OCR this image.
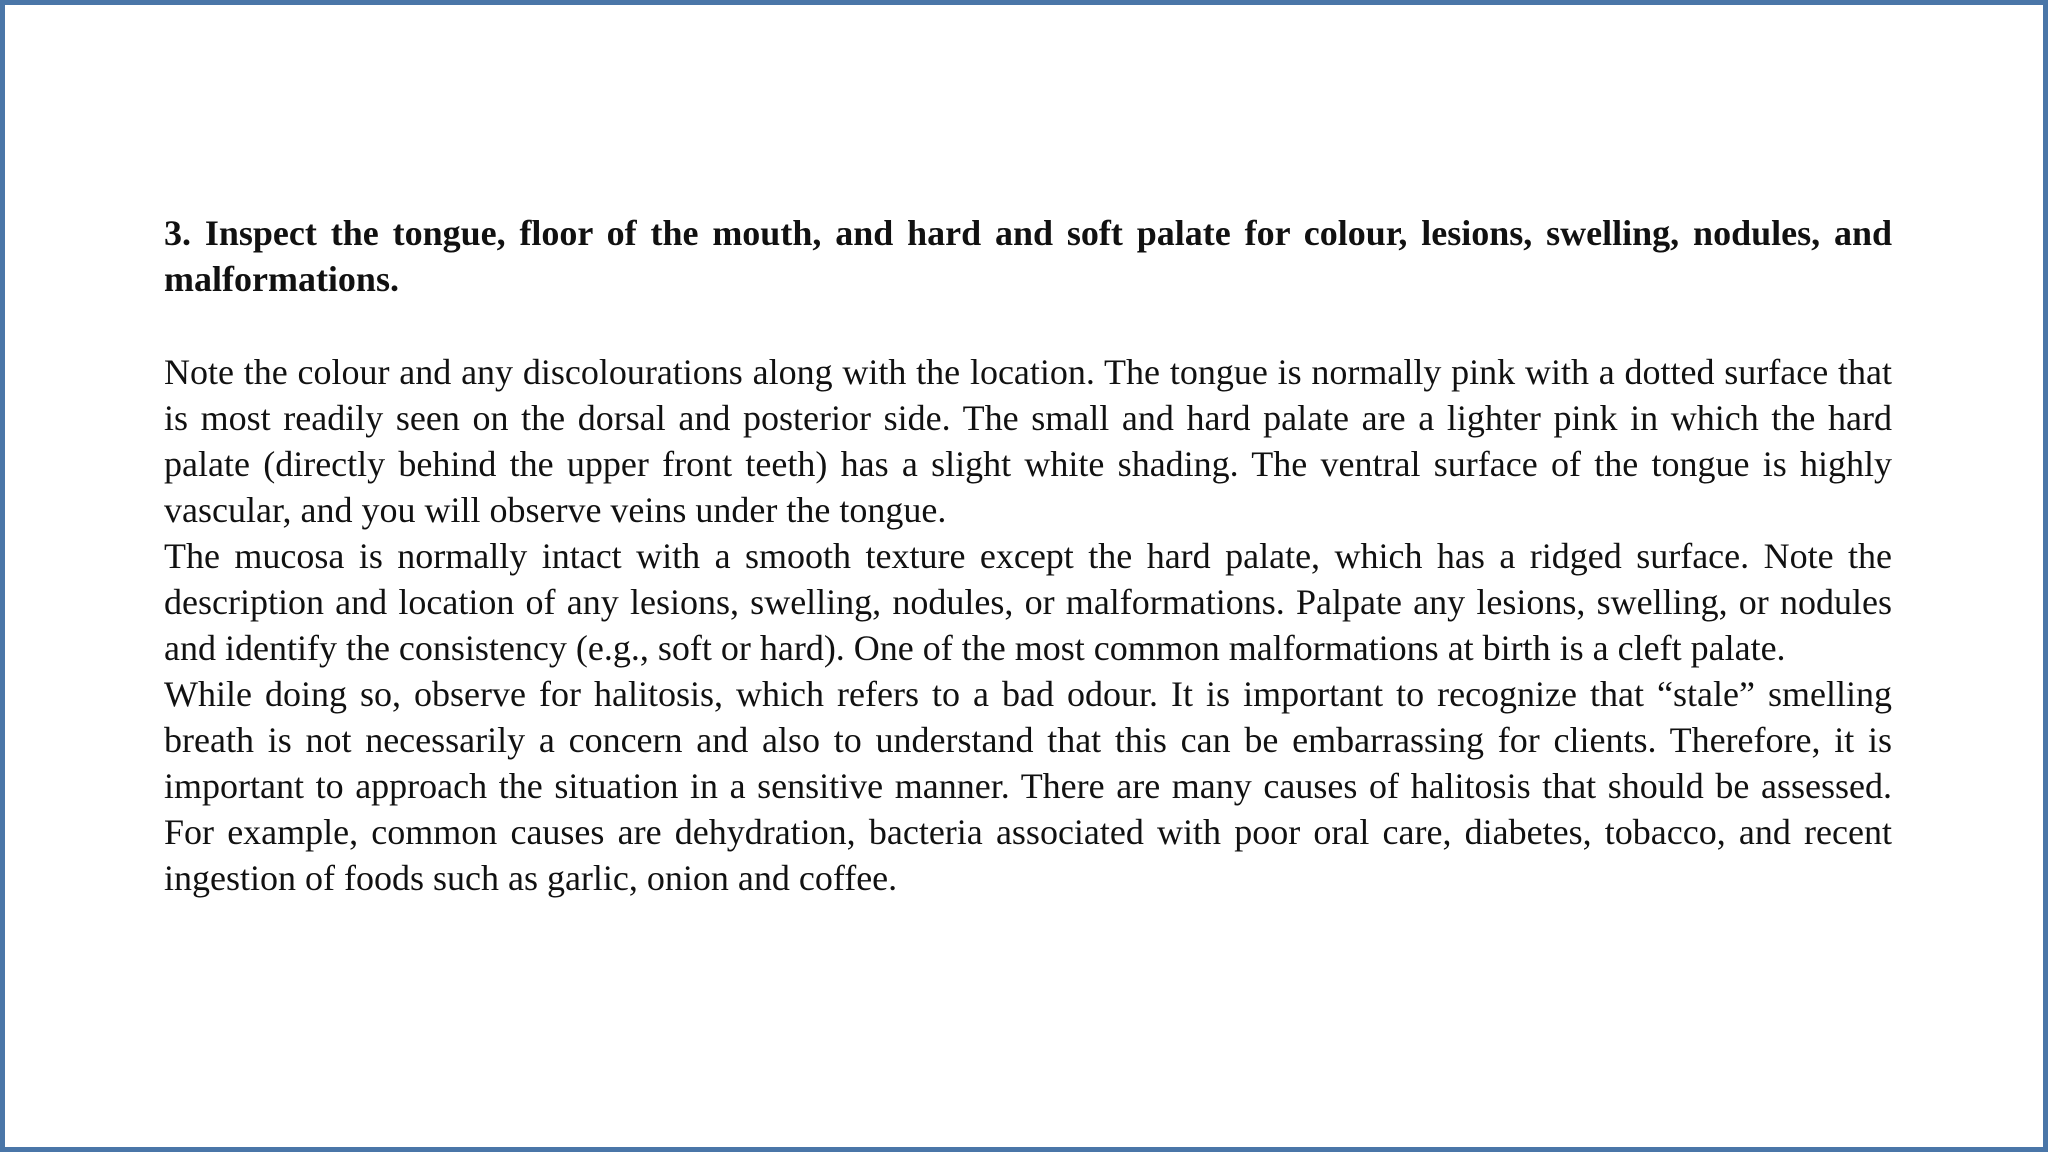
3. Inspect the tongue, floor of the mouth, and hard and soft palate for colour, lesions, swelling, nodules, and malformations.

Note the colour and any discolourations along with the location. The tongue is normally pink with a dotted surface that is most readily seen on the dorsal and posterior side. The small and hard palate are a lighter pink in which the hard palate (directly behind the upper front teeth) has a slight white shading. The ventral surface of the tongue is highly vascular, and you will observe veins under the tongue.

The mucosa is normally intact with a smooth texture except the hard palate, which has a ridged surface. Note the description and location of any lesions, swelling, nodules, or malformations. Palpate any lesions, swelling, or nodules and identify the consistency (e.g., soft or hard). One of the most common malformations at birth is a cleft palate.

While doing so, observe for halitosis, which refers to a bad odour. It is important to recognize that “stale” smelling breath is not necessarily a concern and also to understand that this can be embarrassing for clients. Therefore, it is important to approach the situation in a sensitive manner. There are many causes of halitosis that should be assessed. For example, common causes are dehydration, bacteria associated with poor oral care, diabetes, tobacco, and recent ingestion of foods such as garlic, onion and coffee.
